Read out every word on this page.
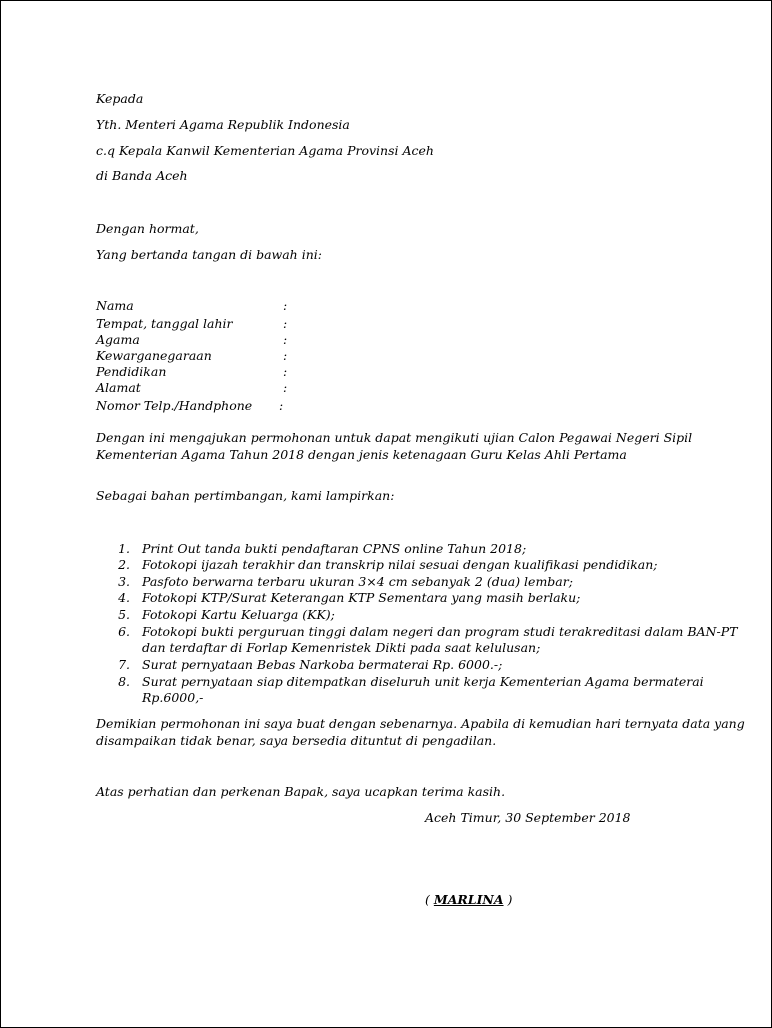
Kepada
Yth. Menteri Agama Republik Indonesia
c.q Kepala Kanwil Kementerian Agama Provinsi Aceh
di Banda Aceh
Dengan hormat,
Yang bertanda tangan di bawah ini:
Nama	:
Tempat, tanggal lahir	:
Agama	:
Kewarganegaraan	:
Pendidikan	:
Alamat	:
Nomor Telp./Handphone :
Dengan ini mengajukan permohonan untuk dapat mengikuti ujian Calon Pegawai Negeri Sipil
Kementerian Agama Tahun 2018 dengan jenis ketenagaan Guru Kelas Ahli Pertama
Sebagai bahan pertimbangan, kami lampirkan:
1. Print Out tanda bukti pendaftaran CPNS online Tahun 2018;
2. Fotokopi ijazah terakhir dan transkrip nilai sesuai dengan kualifikasi pendidikan;
3. Pasfoto berwarna terbaru ukuran 3×4 cm sebanyak 2 (dua) lembar;
4. Fotokopi KTP/Surat Keterangan KTP Sementara yang masih berlaku;
5. Fotokopi Kartu Keluarga (KK);
6. Fotokopi bukti perguruan tinggi dalam negeri dan program studi terakreditasi dalam BAN-PT
dan terdaftar di Forlap Kemenristek Dikti pada saat kelulusan;
7. Surat pernyataan Bebas Narkoba bermaterai Rp. 6000.-;
8. Surat pernyataan siap ditempatkan diseluruh unit kerja Kementerian Agama bermaterai
Rp.6000,-
Demikian permohonan ini saya buat dengan sebenarnya. Apabila di kemudian hari ternyata data yang
disampaikan tidak benar, saya bersedia dituntut di pengadilan.
Atas perhatian dan perkenan Bapak, saya ucapkan terima kasih.
Aceh Timur, 30 September 2018
( MARLINA )
